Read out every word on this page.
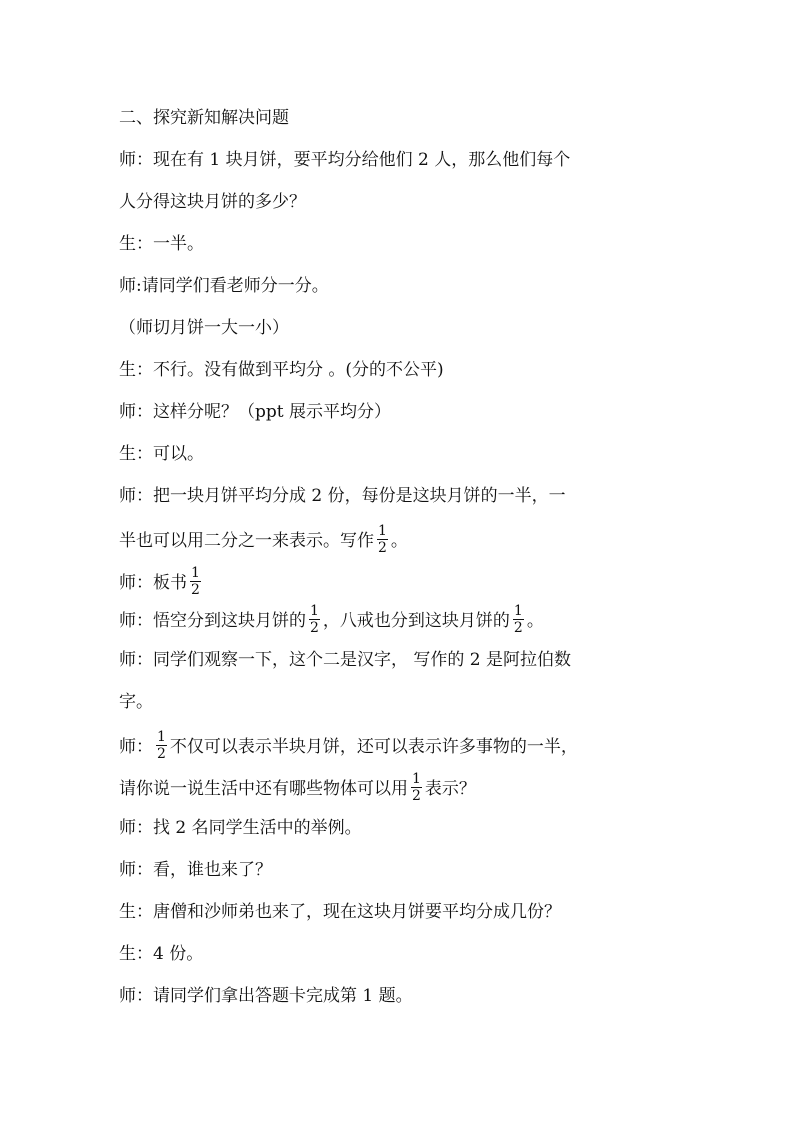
二、探究新知解决问题
师：现在有 1 块月饼，要平均分给他们 2 人，那么他们每个
人分得这块月饼的多少？
生：一半。
师:请同学们看老师分一分。
（师切月饼一大一小）
生：不行。没有做到平均分 。(分的不公平)
师：这样分呢？（ppt 展示平均分）
生：可以。
师：把一块月饼平均分成 2 份，每份是这块月饼的一半，一
半也可以用二分之一来表示。写作 $\frac{1}{2}$ 。
师：板书 $\frac{1}{2}$
师：悟空分到这块月饼的 $\frac{1}{2}$ ，八戒也分到这块月饼的 $\frac{1}{2}$ 。
师：同学们观察一下，这个二是汉字， 写作的 2 是阿拉伯数
字。
师： $\frac{1}{2}$ 不仅可以表示半块月饼，还可以表示许多事物的一半，
请你说一说生活中还有哪些物体可以用 $\frac{1}{2}$ 表示？
师：找 2 名同学生活中的举例。
师：看，谁也来了？
生：唐僧和沙师弟也来了，现在这块月饼要平均分成几份？
生：4 份。
师：请同学们拿出答题卡完成第 1 题。
